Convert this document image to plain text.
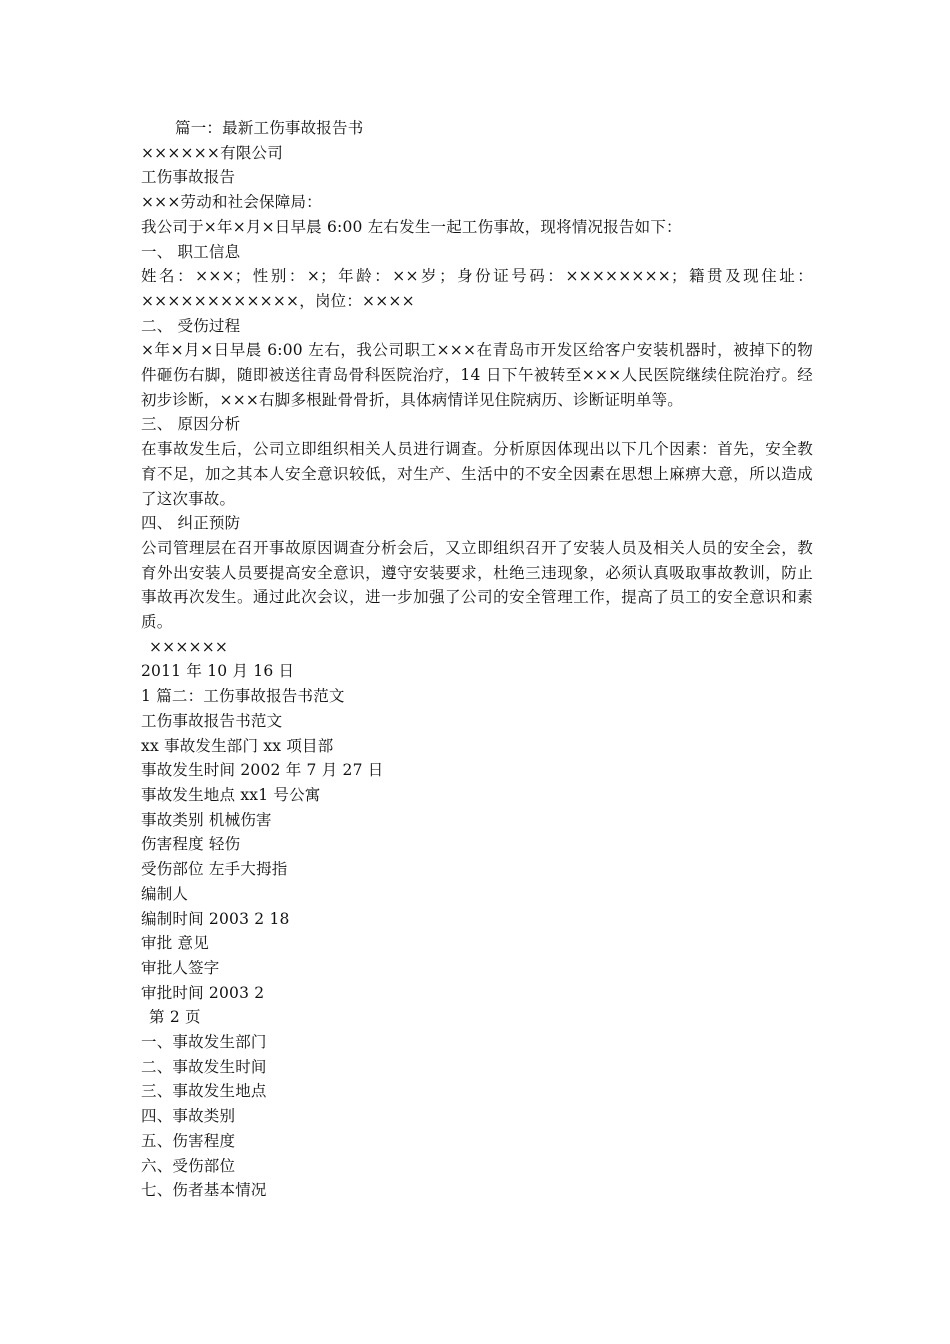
篇一：最新工伤事故报告书
××××××有限公司
工伤事故报告
×××劳动和社会保障局：
我公司于×年×月×日早晨 6:00 左右发生一起工伤事故，现将情况报告如下：
一、 职工信息
姓名：×××；性别：×；年龄：××岁；身份证号码：××××××××；籍贯及现住址：××××××××××××，岗位：××××
二、 受伤过程
×年×月×日早晨 6:00 左右，我公司职工×××在青岛市开发区给客户安装机器时，被掉下的物件砸伤右脚，随即被送往青岛骨科医院治疗，14 日下午被转至×××人民医院继续住院治疗。经初步诊断，×××右脚多根趾骨骨折，具体病情详见住院病历、诊断证明单等。
三、 原因分析
在事故发生后，公司立即组织相关人员进行调查。分析原因体现出以下几个因素：首先，安全教育不足，加之其本人安全意识较低，对生产、生活中的不安全因素在思想上麻痹大意，所以造成了这次事故。
四、 纠正预防
公司管理层在召开事故原因调查分析会后，又立即组织召开了安装人员及相关人员的安全会，教育外出安装人员要提高安全意识，遵守安装要求，杜绝三违现象，必须认真吸取事故教训，防止事故再次发生。通过此次会议，进一步加强了公司的安全管理工作，提高了员工的安全意识和素质。
××××××
2011 年 10 月 16 日
1 篇二：工伤事故报告书范文
工伤事故报告书范文
xx 事故发生部门 xx 项目部
事故发生时间 2002 年 7 月 27 日
事故发生地点 xx1 号公寓
事故类别 机械伤害
伤害程度 轻伤
受伤部位 左手大拇指
编制人
编制时间 2003 2 18
审批 意见
审批人签字
审批时间 2003 2
第 2 页
一、事故发生部门
二、事故发生时间
三、事故发生地点
四、事故类别
五、伤害程度
六、受伤部位
七、伤者基本情况
